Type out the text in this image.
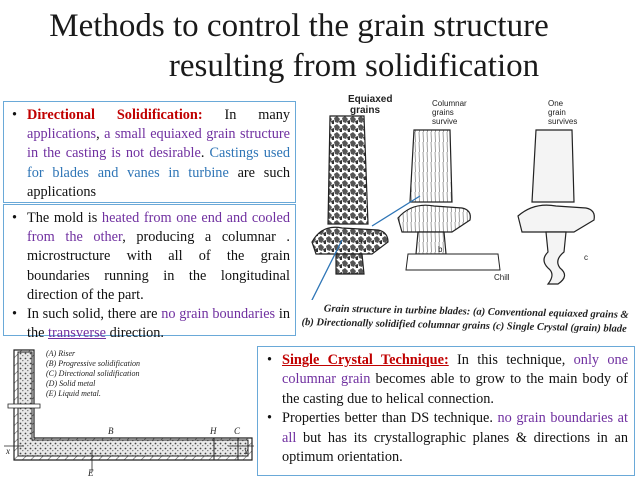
Methods to control the grain structure
resulting from solidification
Equiaxed
grains
Columnar
grains
survive
One
grain
survives
a
b
Chill
c
Grain structure in turbine blades: (a) Conventional equiaxed grains &
(b) Directionally solidified columnar grains (c) Single Crystal (grain) blade
(A) Riser
(B) Progressive solidification
(C) Directional solidification
(D) Solid metal
(E) Liquid metal.
B	H C
x	x
E
• Directional Solidification: In many applications, a small equiaxed grain structure in the casting is not desirable. Castings used for blades and vanes in turbine are such applications
• The mold is heated from one end and cooled from the other, producing a columnar . microstructure with all of the grain boundaries running in the longitudinal direction of the part.
• In such solid, there are no grain boundaries in the transverse direction.
• Single Crystal Technique: In this technique, only one columnar grain becomes able to grow to the main body of the casting due to helical connection.
• Properties better than DS technique. no grain boundaries at all but has its crystallographic planes & directions in an optimum orientation.
